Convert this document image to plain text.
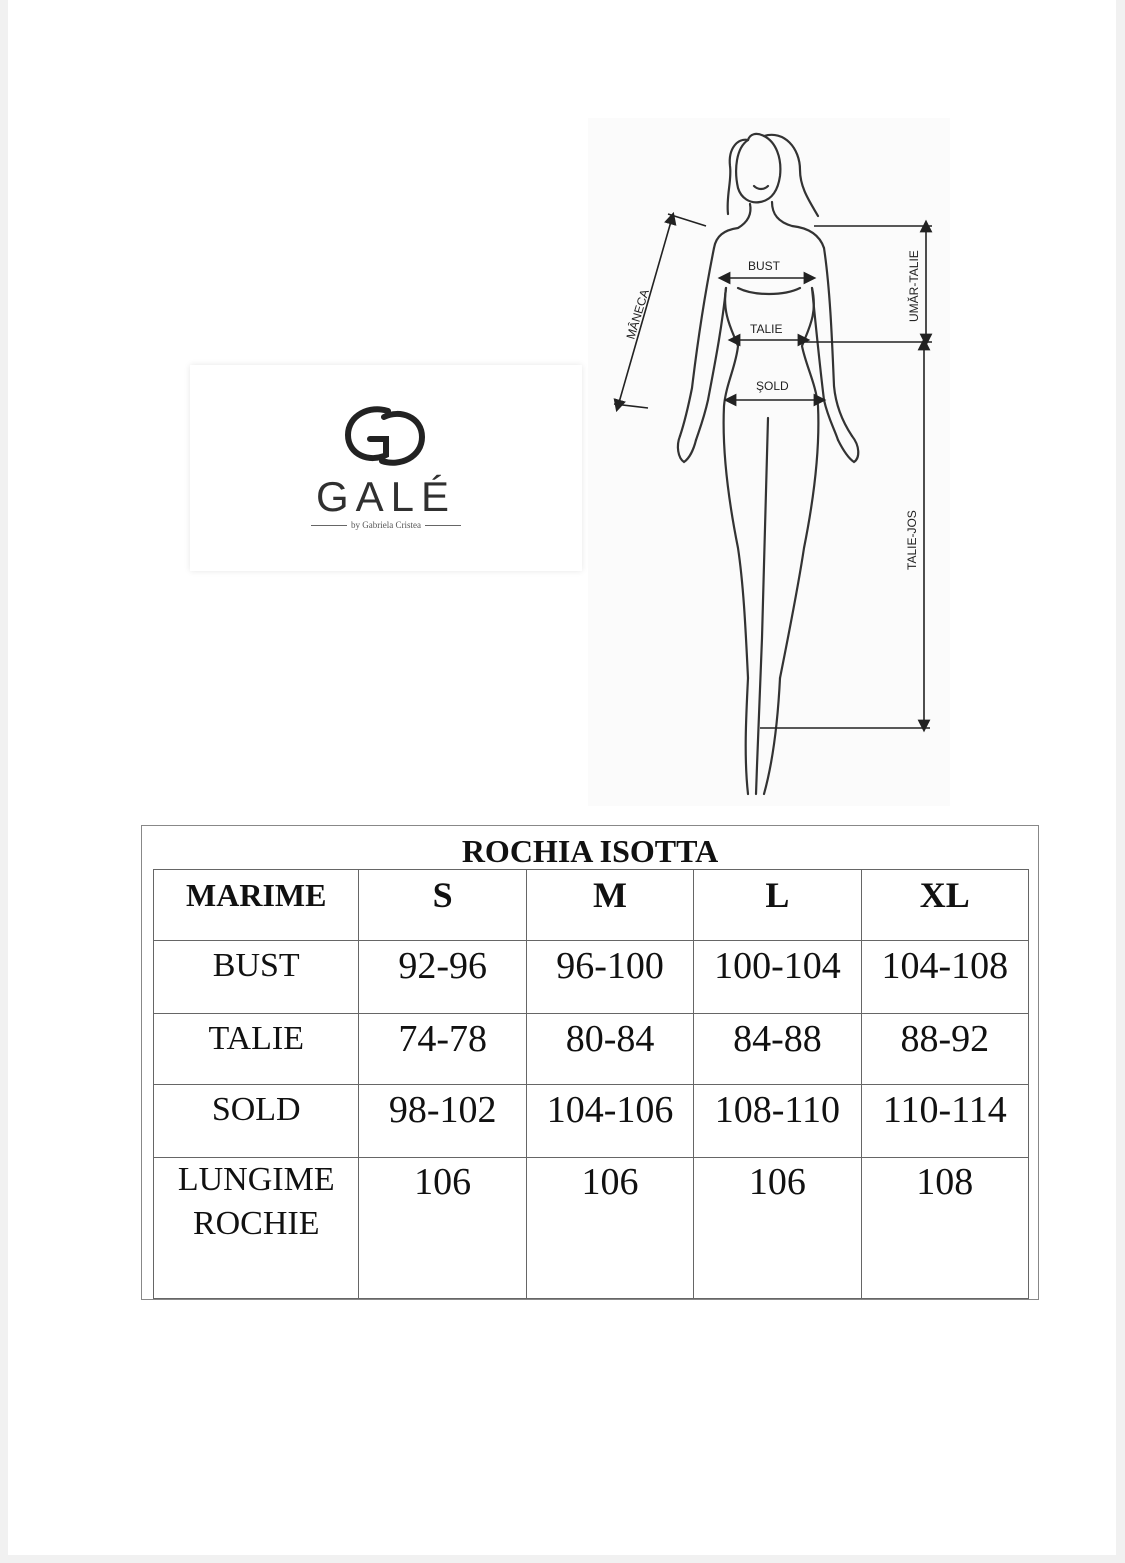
GALÉ
by Gabriela Cristea
BUST
TALIE
ŞOLD
MÂNECA	UMĂR-TALIE
TALIE-JOS
ROCHIA ISOTTA
MARIME	S	M	L	XL
BUST	92-96	96-100	100-104	104-108
TALIE	74-78	80-84	84-88	88-92
SOLD	98-102	104-106	108-110	110-114

LUNGIME
ROCHIE	106	106	106	108
